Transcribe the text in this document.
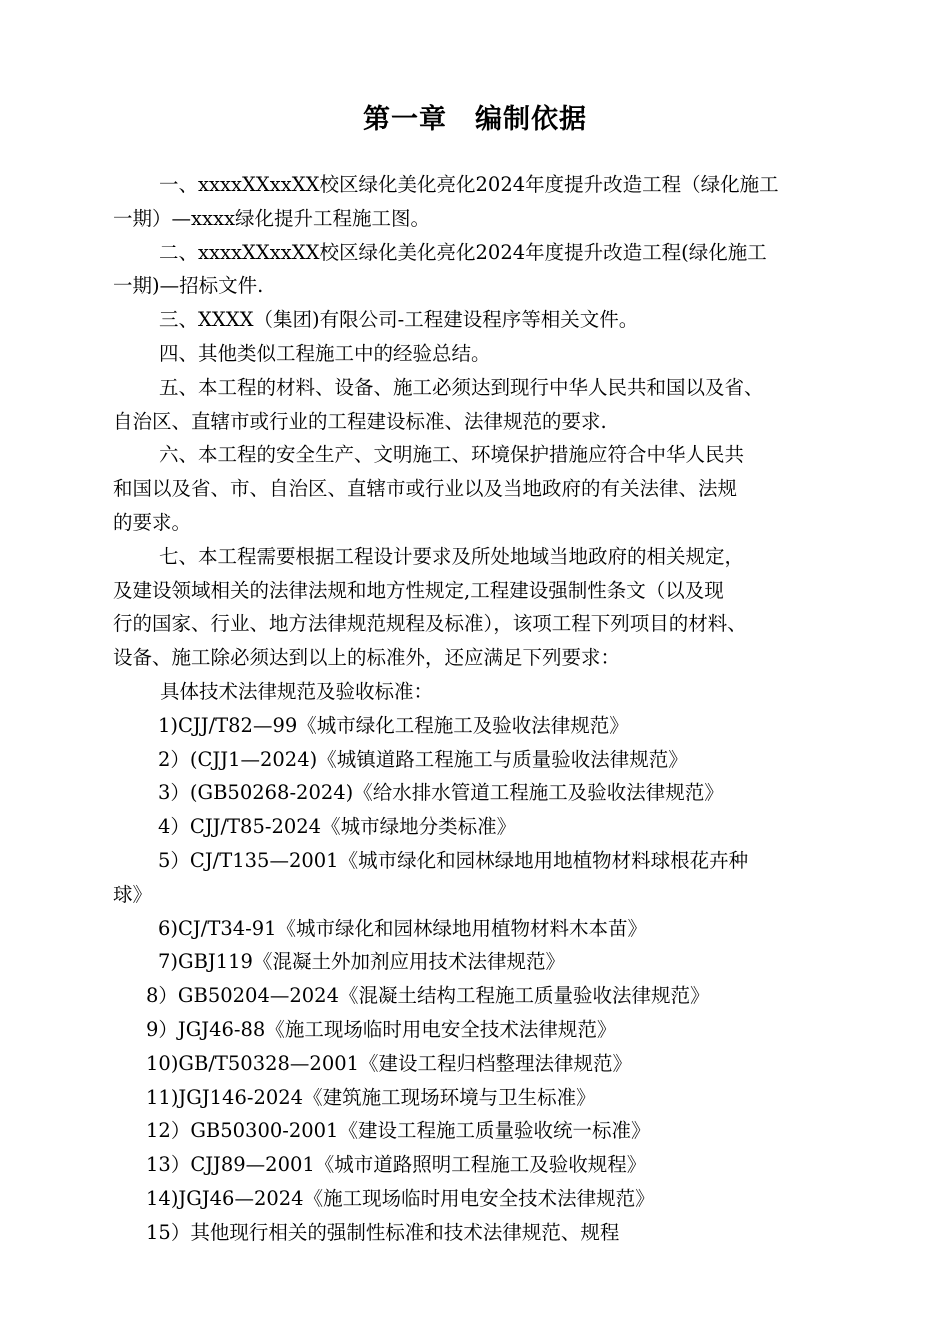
第一章　编制依据
一、xxxxXXxxXX校区绿化美化亮化2024年度提升改造工程（绿化施工
一期）—xxxx绿化提升工程施工图。
二、xxxxXXxxXX校区绿化美化亮化2024年度提升改造工程(绿化施工
一期)—招标文件.
三、XXXX（集团)有限公司-工程建设程序等相关文件。
四、其他类似工程施工中的经验总结。
五、本工程的材料、设备、施工必须达到现行中华人民共和国以及省、
自治区、直辖市或行业的工程建设标准、法律规范的要求.
六、本工程的安全生产、文明施工、环境保护措施应符合中华人民共
和国以及省、市、自治区、直辖市或行业以及当地政府的有关法律、法规
的要求。
七、本工程需要根据工程设计要求及所处地域当地政府的相关规定，
及建设领域相关的法律法规和地方性规定,工程建设强制性条文（以及现
行的国家、行业、地方法律规范规程及标准），该项工程下列项目的材料、
设备、施工除必须达到以上的标准外，还应满足下列要求：
具体技术法律规范及验收标准：
1)CJJ/T82—99《城市绿化工程施工及验收法律规范》
2）(CJJ1—2024)《城镇道路工程施工与质量验收法律规范》
3）(GB50268-2024)《给水排水管道工程施工及验收法律规范》
4）CJJ/T85-2024《城市绿地分类标准》
5）CJ/T135—2001《城市绿化和园林绿地用地植物材料球根花卉种
球》
6)CJ/T34-91《城市绿化和园林绿地用植物材料木本苗》
7)GBJ119《混凝土外加剂应用技术法律规范》
8）GB50204—2024《混凝土结构工程施工质量验收法律规范》
9）JGJ46-88《施工现场临时用电安全技术法律规范》
10)GB/T50328—2001《建设工程归档整理法律规范》
11)JGJ146-2024《建筑施工现场环境与卫生标准》
12）GB50300-2001《建设工程施工质量验收统一标准》
13）CJJ89—2001《城市道路照明工程施工及验收规程》
14)JGJ46—2024《施工现场临时用电安全技术法律规范》
15）其他现行相关的强制性标准和技术法律规范、规程
